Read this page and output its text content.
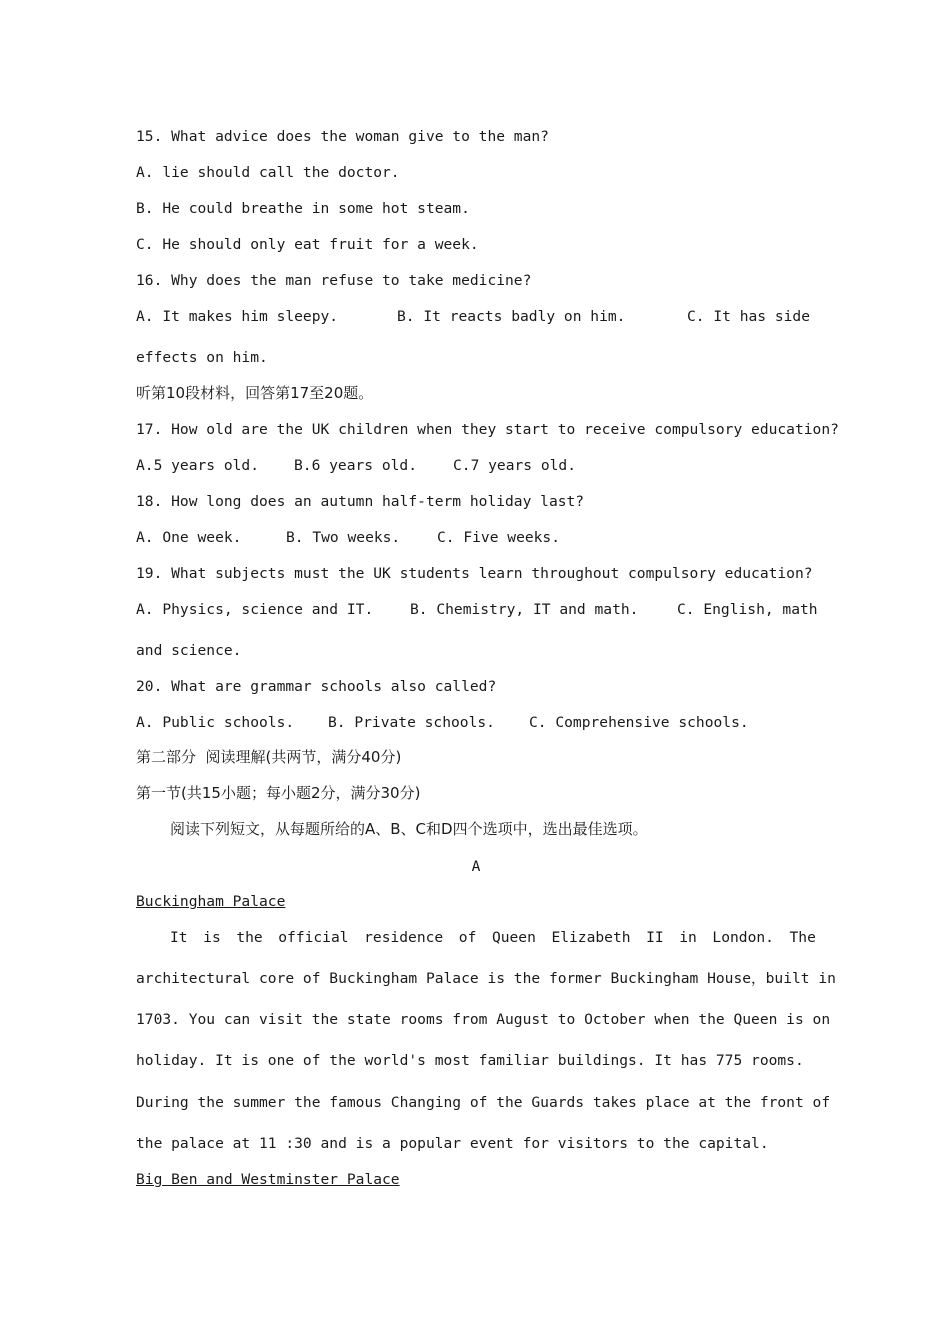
15. What advice does the woman give to the man?
A. lie should call the doctor.
B. He could breathe in some hot steam.
C. He should only eat fruit for a week.
16. Why does the man refuse to take medicine?
A. It makes him sleepy.	B. It reacts badly on him.	C. It has side
effects on him.
听第10段材料，回答第17至20题。
17. How old are the UK children when they start to receive compulsory education?
A.5 years old. B.6 years old. C.7 years old.
18. How long does an autumn half-term holiday last?
A. One week.	B. Two weeks.	C. Five weeks.
19. What subjects must the UK students learn throughout compulsory education?
A. Physics, science and IT.	B. Chemistry, IT and math.	C. English, math
and science.
20. What are grammar schools also called?
A. Public schools. B. Private schools. C. Comprehensive schools.
第二部分  阅读理解(共两节，满分40分)
第一节(共15小题；每小题2分，满分30分)
阅读下列短文，从每题所给的A、B、C和D四个选项中，选出最佳选项。
A
Buckingham Palace
It is the official residence of Queen Elizabeth II in London. The
architectural core of Buckingham Palace is the former Buckingham House，built in
1703. You can visit the state rooms from August to October when the Queen is on
holiday. It is one of the world's most familiar buildings. It has 775 rooms.
During the summer the famous Changing of the Guards takes place at the front of
the palace at 11 :30 and is a popular event for visitors to the capital.
Big Ben and Westminster Palace
